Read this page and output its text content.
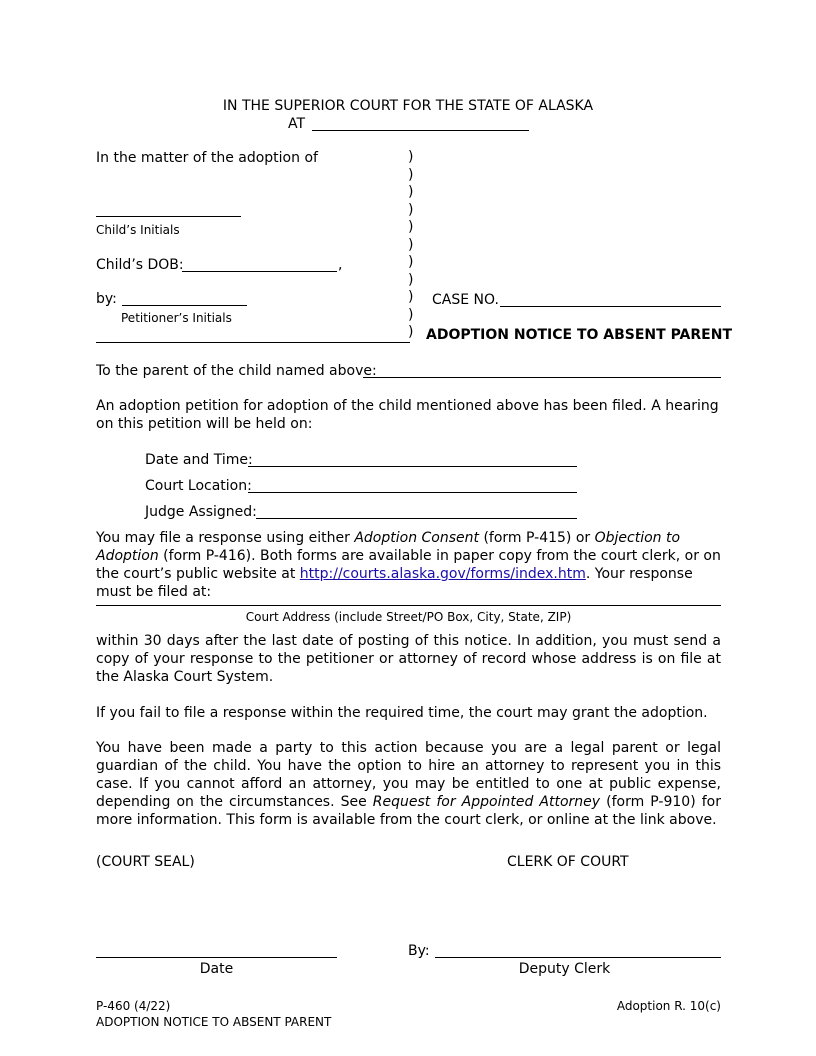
IN THE SUPERIOR COURT FOR THE STATE OF ALASKA
AT
In the matter of the adoption of
Child’s Initials
Child’s DOB:	,
by:
Petitioner’s Initials
)
)
)
)
)
)
)
)
)
)
)
CASE NO.
ADOPTION NOTICE TO ABSENT PARENT
To the parent of the child named above:
An adoption petition for adoption of the child mentioned above has been filed. A hearing on this petition will be held on:
Date and Time:
Court Location:
Judge Assigned:
You may file a response using either Adoption Consent (form P-415) or Objection to Adoption (form P-416). Both forms are available in paper copy from the court clerk, or on the court’s public website at http://courts.alaska.gov/forms/index.htm. Your response must be filed at:
Court Address (include Street/PO Box, City, State, ZIP)
within 30 days after the last date of posting of this notice. In addition, you must send a copy of your response to the petitioner or attorney of record whose address is on file at the Alaska Court System.
If you fail to file a response within the required time, the court may grant the adoption.
You have been made a party to this action because you are a legal parent or legal guardian of the child. You have the option to hire an attorney to represent you in this case. If you cannot afford an attorney, you may be entitled to one at public expense, depending on the circumstances. See Request for Appointed Attorney (form P-910) for more information. This form is available from the court clerk, or online at the link above.
(COURT SEAL)	CLERK OF COURT
Date
By:
Deputy Clerk
P-460 (4/22)
ADOPTION NOTICE TO ABSENT PARENT
Adoption R. 10(c)
